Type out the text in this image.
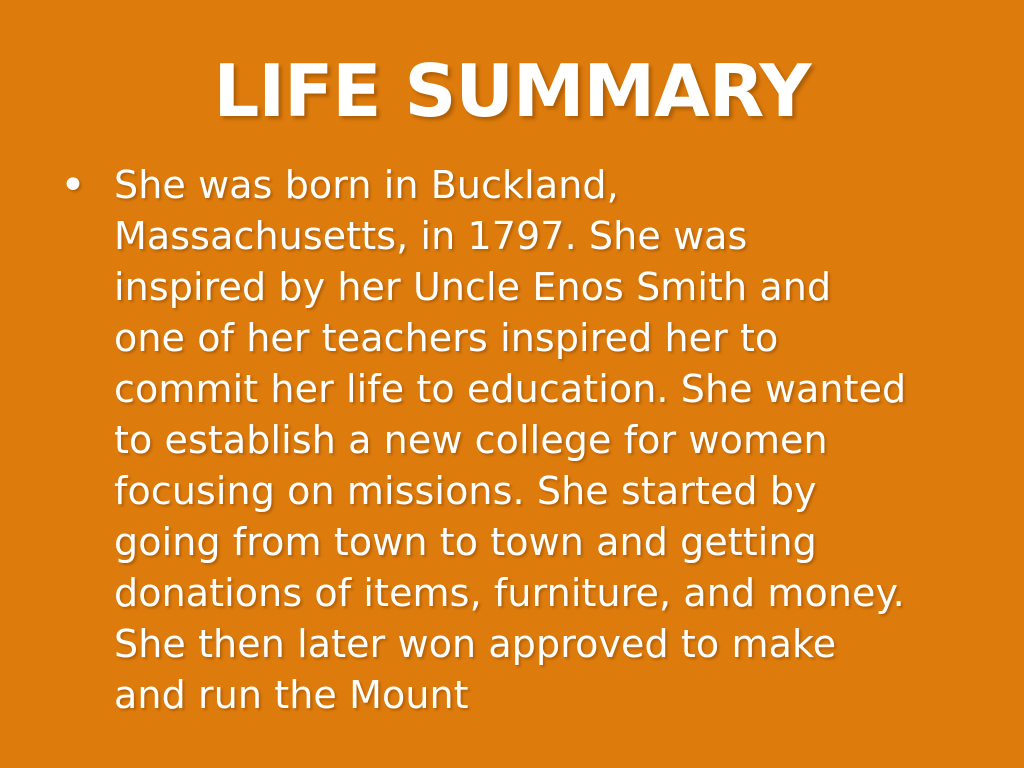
LIFE SUMMARY
• She was born in Buckland, Massachusetts, in 1797. She was inspired by her Uncle Enos Smith and one of her teachers inspired her to commit her life to education. She wanted to establish a new college for women focusing on missions. She started by going from town to town and getting donations of items, furniture, and money. She then later won approved to make and run the Mount
